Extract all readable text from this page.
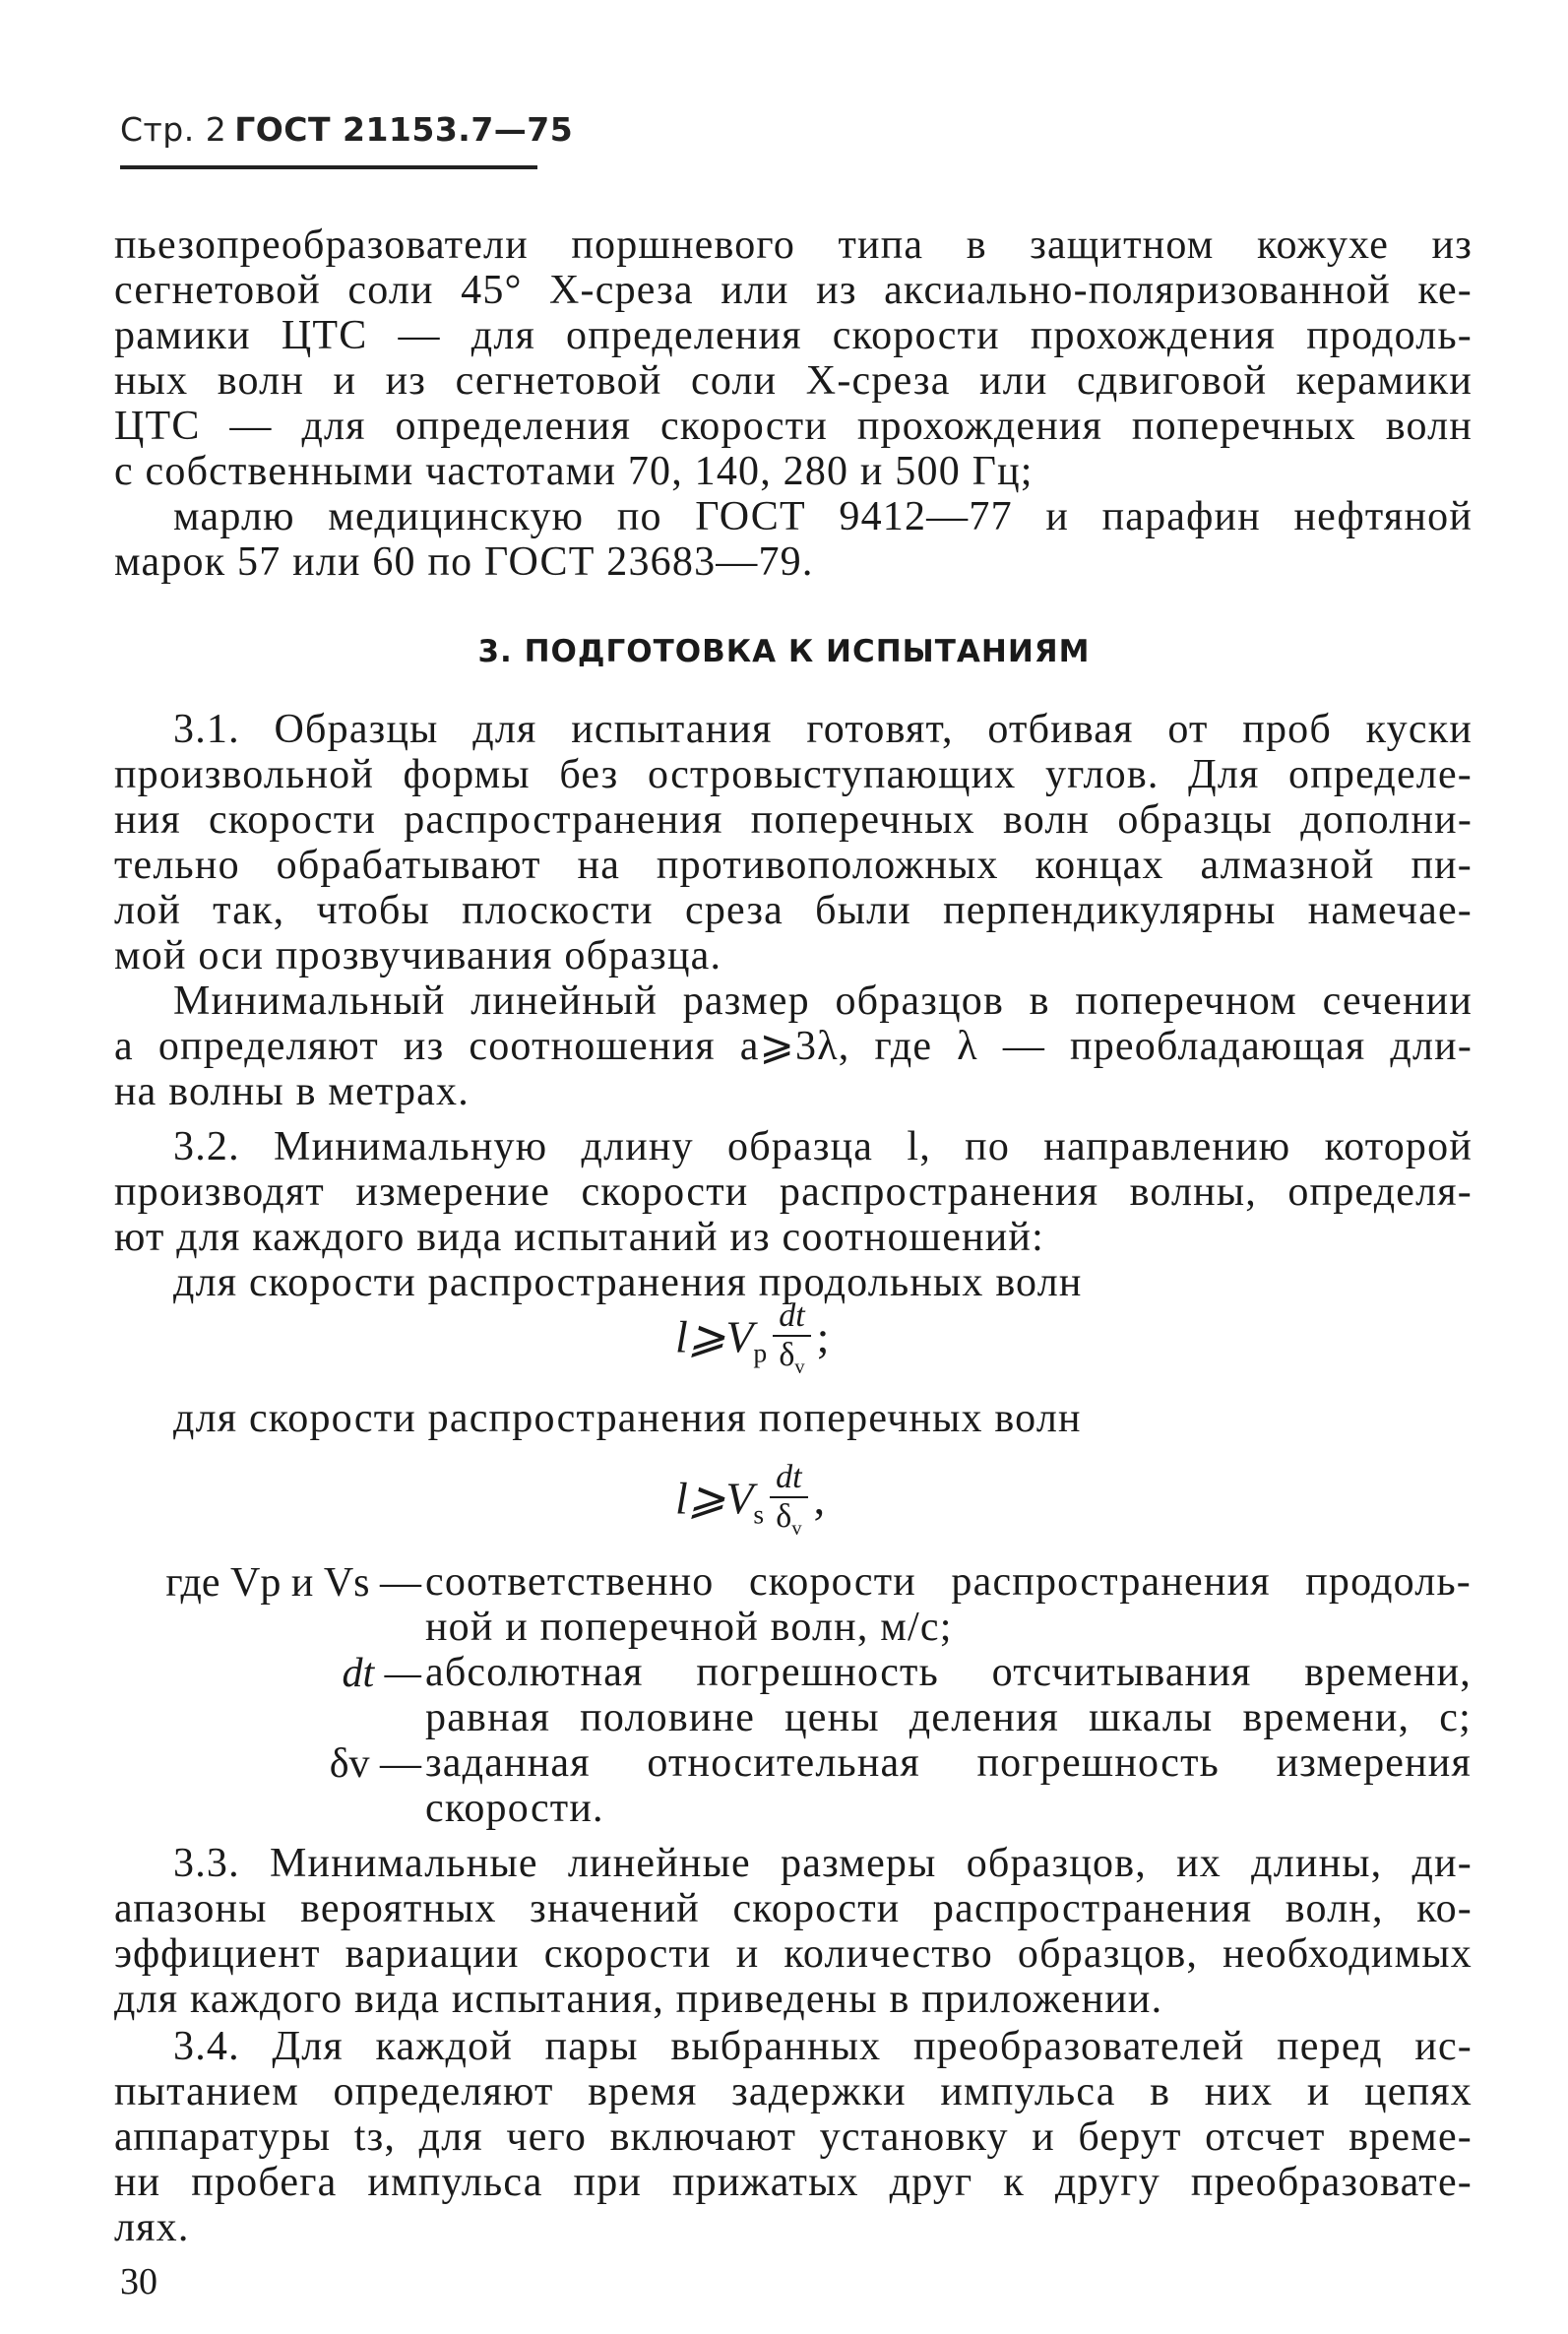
Стр. 2 ГОСТ 21153.7—75
пьезопреобразователи поршневого типа в защитном кожухе из
сегнетовой соли 45° X-среза или из аксиально-поляризованной ке-
рамики ЦТС — для определения скорости прохождения продоль-
ных волн и из сегнетовой соли X-среза или сдвиговой керамики
ЦТС — для определения скорости прохождения поперечных волн
с собственными частотами 70, 140, 280 и 500 Гц;
марлю медицинскую по ГОСТ 9412—77 и парафин нефтяной
марок 57 или 60 по ГОСТ 23683—79.
3. ПОДГОТОВКА К ИСПЫТАНИЯМ
3.1. Образцы для испытания готовят, отбивая от проб куски
произвольной формы без островыступающих углов. Для определе-
ния скорости распространения поперечных волн образцы дополни-
тельно обрабатывают на противоположных концах алмазной пи-
лой так, чтобы плоскости среза были перпендикулярны намечае-
мой оси прозвучивания образца.
Минимальный линейный размер образцов в поперечном сечении
a определяют из соотношения a⩾3λ, где λ — преобладающая дли-
на волны в метрах.
3.2. Минимальную длину образца l, по направлению которой
производят измерение скорости распространения волны, определя-
ют для каждого вида испытаний из соотношений:
для скорости распространения продольных волн
$l⩾V_p \frac{dt}{\delta_v}$ ;
для скорости распространения поперечных волн
$l⩾V_s \frac{dt}{\delta_v}$ ,
где Vp и Vs — соответственно скорости распространения продоль-
ной и поперечной волн, м/с;
dt — абсолютная погрешность отсчитывания времени,
равная половине цены деления шкалы времени, с;
δv — заданная относительная погрешность измерения
скорости.
3.3. Минимальные линейные размеры образцов, их длины, ди-
апазоны вероятных значений скорости распространения волн, ко-
эффициент вариации скорости и количество образцов, необходимых
для каждого вида испытания, приведены в приложении.
3.4. Для каждой пары выбранных преобразователей перед ис-
пытанием определяют время задержки импульса в них и цепях
аппаратуры tз, для чего включают установку и берут отсчет време-
ни пробега импульса при прижатых друг к другу преобразовате-
лях.
30
